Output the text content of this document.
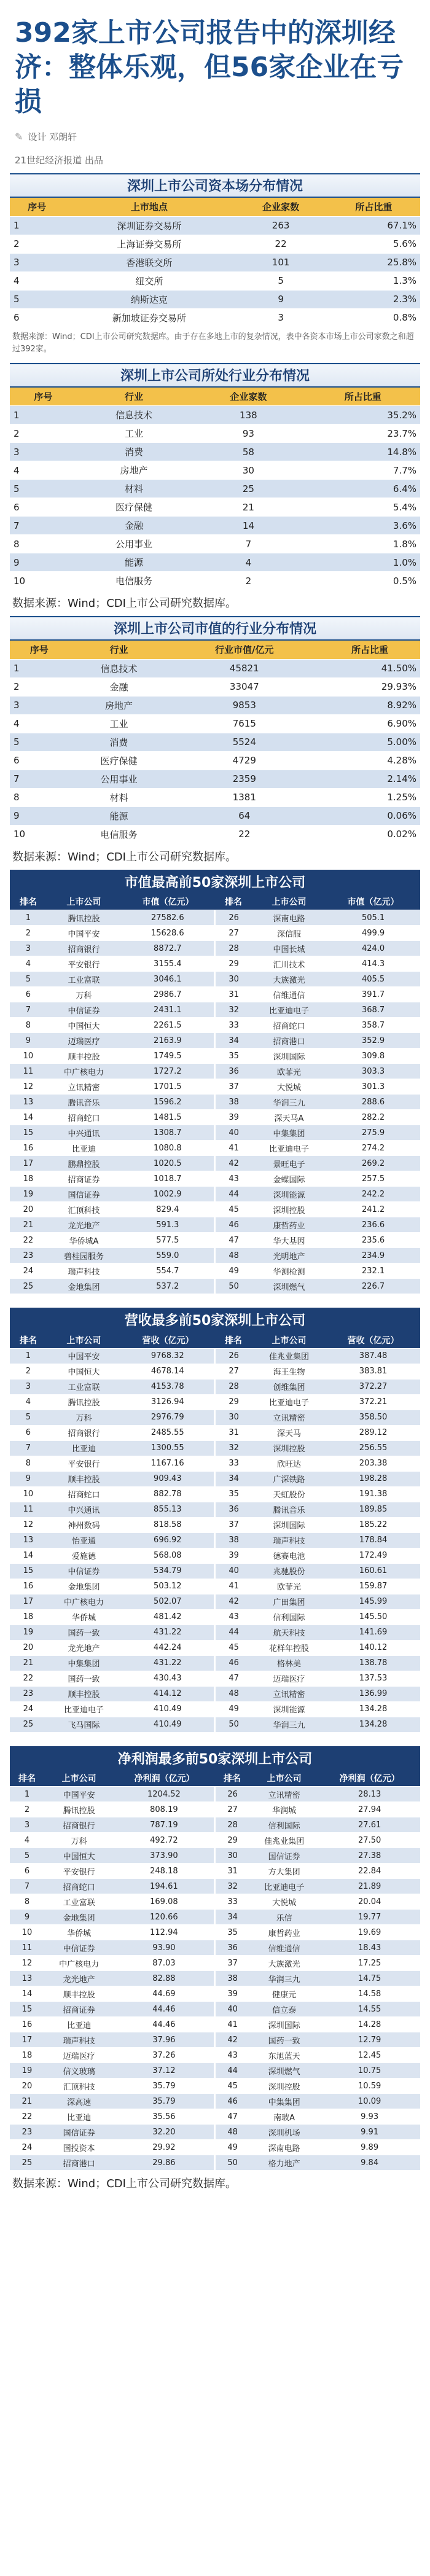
392家上市公司报告中的深圳经济：整体乐观，但56家企业在亏损
✎ 设计 邓朗轩
21世纪经济报道 出品
深圳上市公司资本场分布情况
序号	上市地点	企业家数	所占比重
1	深圳证券交易所	263	67.1%
2	上海证券交易所	22	5.6%
3	香港联交所	101	25.8%
4	纽交所	5	1.3%
5	纳斯达克	9	2.3%
6	新加坡证券交易所	3	0.8%
数据来源：Wind；CDI上市公司研究数据库。由于存在多地上市的复杂情况，表中各资本市场上市公司家数之和超过392家。
深圳上市公司所处行业分布情况
序号	行业	企业家数	所占比重
1	信息技术	138	35.2%
2	工业	93	23.7%
3	消费	58	14.8%
4	房地产	30	7.7%
5	材料	25	6.4%
6	医疗保健	21	5.4%
7	金融	14	3.6%
8	公用事业	7	1.8%
9	能源	4	1.0%
10	电信服务	2	0.5%
数据来源：Wind；CDI上市公司研究数据库。
深圳上市公司市值的行业分布情况
序号	行业	行业市值/亿元	所占比重
1	信息技术	45821	41.50%
2	金融	33047	29.93%
3	房地产	9853	8.92%
4	工业	7615	6.90%
5	消费	5524	5.00%
6	医疗保健	4729	4.28%
7	公用事业	2359	2.14%
8	材料	1381	1.25%
9	能源	64	0.06%
10	电信服务	22	0.02%
数据来源：Wind；CDI上市公司研究数据库。
市值最高前50家深圳上市公司
排名	上市公司	市值（亿元）	排名	上市公司	市值（亿元）
1	腾讯控股	27582.6	26	深南电路	505.1
2	中国平安	15628.6	27	深信服	499.9
3	招商银行	8872.7	28	中国长城	424.0
4	平安银行	3155.4	29	汇川技术	414.3
5	工业富联	3046.1	30	大族激光	405.5
6	万科	2986.7	31	信维通信	391.7
7	中信证券	2431.1	32	比亚迪电子	368.7
8	中国恒大	2261.5	33	招商蛇口	358.7
9	迈瑞医疗	2163.9	34	招商港口	352.9
10	顺丰控股	1749.5	35	深圳国际	309.8
11	中广核电力	1727.2	36	欧菲光	303.3
12	立讯精密	1701.5	37	大悦城	301.3
13	腾讯音乐	1596.2	38	华润三九	288.6
14	招商蛇口	1481.5	39	深天马A	282.2
15	中兴通讯	1308.7	40	中集集团	275.9
16	比亚迪	1080.8	41	比亚迪电子	274.2
17	鹏鼎控股	1020.5	42	景旺电子	269.2
18	招商证券	1018.7	43	金蝶国际	257.5
19	国信证券	1002.9	44	深圳能源	242.2
20	汇顶科技	829.4	45	深圳控股	241.2
21	龙光地产	591.3	46	康哲药业	236.6
22	华侨城A	577.5	47	华大基因	235.6
23	碧桂园服务	559.0	48	光明地产	234.9
24	瑞声科技	554.7	49	华测检测	232.1
25	金地集团	537.2	50	深圳燃气	226.7
营收最多前50家深圳上市公司
排名	上市公司	营收（亿元）	排名	上市公司	营收（亿元）
1	中国平安	9768.32	26	佳兆业集团	387.48
2	中国恒大	4678.14	27	海王生物	383.81
3	工业富联	4153.78	28	创维集团	372.27
4	腾讯控股	3126.94	29	比亚迪电子	372.21
5	万科	2976.79	30	立讯精密	358.50
6	招商银行	2485.55	31	深天马	289.12
7	比亚迪	1300.55	32	深圳控股	256.55
8	平安银行	1167.16	33	欣旺达	203.38
9	顺丰控股	909.43	34	广深铁路	198.28
10	招商蛇口	882.78	35	天虹股份	191.38
11	中兴通讯	855.13	36	腾讯音乐	189.85
12	神州数码	818.58	37	深圳国际	185.22
13	怡亚通	696.92	38	瑞声科技	178.84
14	爱施德	568.08	39	德赛电池	172.49
15	中信证券	534.79	40	兆驰股份	160.61
16	金地集团	503.12	41	欧菲光	159.87
17	中广核电力	502.07	42	广田集团	145.99
18	华侨城	481.42	43	信利国际	145.50
19	国药一致	431.22	44	航天科技	141.69
20	龙光地产	442.24	45	花样年控股	140.12
21	中集集团	431.22	46	格林美	138.78
22	国药一致	430.43	47	迈瑞医疗	137.53
23	顺丰控股	414.12	48	立讯精密	136.99
24	比亚迪电子	410.49	49	深圳能源	134.28
25	飞马国际	410.49	50	华润三九	134.28
净利润最多前50家深圳上市公司
排名	上市公司	净利润（亿元）	排名	上市公司	净利润（亿元）
1	中国平安	1204.52	26	立讯精密	28.13
2	腾讯控股	808.19	27	华润城	27.94
3	招商银行	787.19	28	信利国际	27.61
4	万科	492.72	29	佳兆业集团	27.50
5	中国恒大	373.90	30	国信证券	27.38
6	平安银行	248.18	31	方大集团	22.84
7	招商蛇口	194.61	32	比亚迪电子	21.89
8	工业富联	169.08	33	大悦城	20.04
9	金地集团	120.66	34	乐信	19.77
10	华侨城	112.94	35	康哲药业	19.69
11	中信证券	93.90	36	信维通信	18.43
12	中广核电力	87.03	37	大族激光	17.25
13	龙光地产	82.88	38	华润三九	14.75
14	顺丰控股	44.69	39	健康元	14.58
15	招商证券	44.46	40	信立泰	14.55
16	比亚迪	44.46	41	深圳国际	14.28
17	瑞声科技	37.96	42	国药一致	12.79
18	迈瑞医疗	37.26	43	东旭蓝天	12.45
19	信义玻璃	37.12	44	深圳燃气	10.75
20	汇顶科技	35.79	45	深圳控股	10.59
21	深高速	35.79	46	中集集团	10.09
22	比亚迪	35.56	47	南玻A	9.93
23	国信证券	32.20	48	深圳机场	9.91
24	国投资本	29.92	49	深南电路	9.89
25	招商港口	29.86	50	格力地产	9.84
数据来源：Wind；CDI上市公司研究数据库。
